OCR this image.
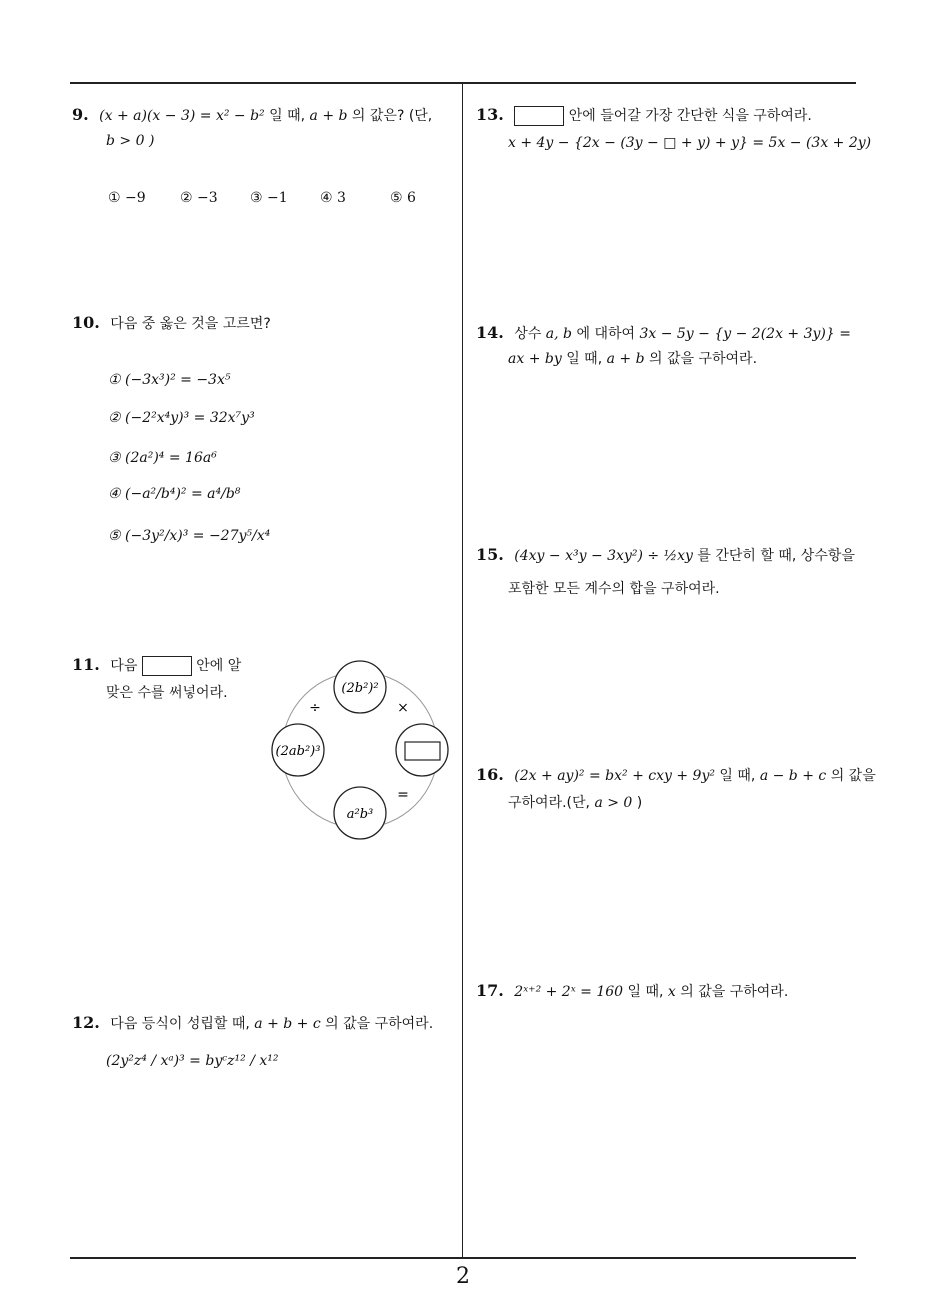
9. (x + a)(x − 3) = x² − b² 일 때, a + b 의 값은? (단,
b > 0 )
① −9 ② −3 ③ −1 ④ 3	⑤ 6
10. 다음 중 옳은 것을 고르면?
① (−3x³)² = −3x⁵
② (−2²x⁴y)³ = 32x⁷y³
③ (2a²)⁴ = 16a⁶
④ (−a²/b⁴)² = a⁴/b⁸
⑤ (−3y²/x)³ = −27y⁵/x⁴
11. 다음	안에 알
맞은 수를 써넣어라.	(2b²)²
(2ab²)³
a²b³
÷	×
=
12. 다음 등식이 성립할 때, a + b + c 의 값을 구하여라.
(2y²z⁴ / xᵃ)³ = byᶜz¹² / x¹²
13.	안에 들어갈 가장 간단한 식을 구하여라.
x + 4y − {2x − (3y − □ + y) + y} = 5x − (3x + 2y)
14. 상수 a, b 에 대하여 3x − 5y − {y − 2(2x + 3y)} =
ax + by 일 때, a + b 의 값을 구하여라.
15. (4xy − x³y − 3xy²) ÷ ½xy 를 간단히 할 때, 상수항을
포함한 모든 계수의 합을 구하여라.
16. (2x + ay)² = bx² + cxy + 9y² 일 때, a − b + c 의 값을
구하여라.(단, a > 0 )
17. 2ˣ⁺² + 2ˣ = 160 일 때, x 의 값을 구하여라.
2
